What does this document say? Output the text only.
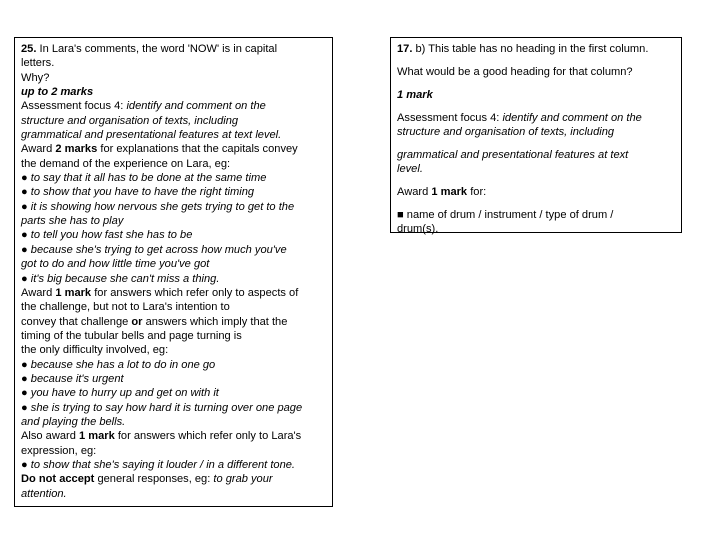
25. In Lara's comments, the word 'NOW' is in capital
letters.
Why?
up to 2 marks
Assessment focus 4: identify and comment on the
structure and organisation of texts, including
grammatical and presentational features at text level.
Award 2 marks for explanations that the capitals convey
the demand of the experience on Lara, eg:
● to say that it all has to be done at the same time
● to show that you have to have the right timing
● it is showing how nervous she gets trying to get to the
parts she has to play
● to tell you how fast she has to be
● because she's trying to get across how much you've
got to do and how little time you've got
● it's big because she can't miss a thing.
Award 1 mark for answers which refer only to aspects of
the challenge, but not to Lara's intention to
convey that challenge or answers which imply that the
timing of the tubular bells and page turning is
the only difficulty involved, eg:
● because she has a lot to do in one go
● because it's urgent
● you have to hurry up and get on with it
● she is trying to say how hard it is turning over one page
and playing the bells.
Also award 1 mark for answers which refer only to Lara's
expression, eg:
● to show that she's saying it louder / in a different tone.
Do not accept general responses, eg: to grab your
attention.
17. b) This table has no heading in the first column.
What would be a good heading for that column?
1 mark
Assessment focus 4: identify and comment on the
structure and organisation of texts, including
grammatical and presentational features at text
level.
Award 1 mark for:
■ name of drum / instrument / type of drum /
drum(s).
